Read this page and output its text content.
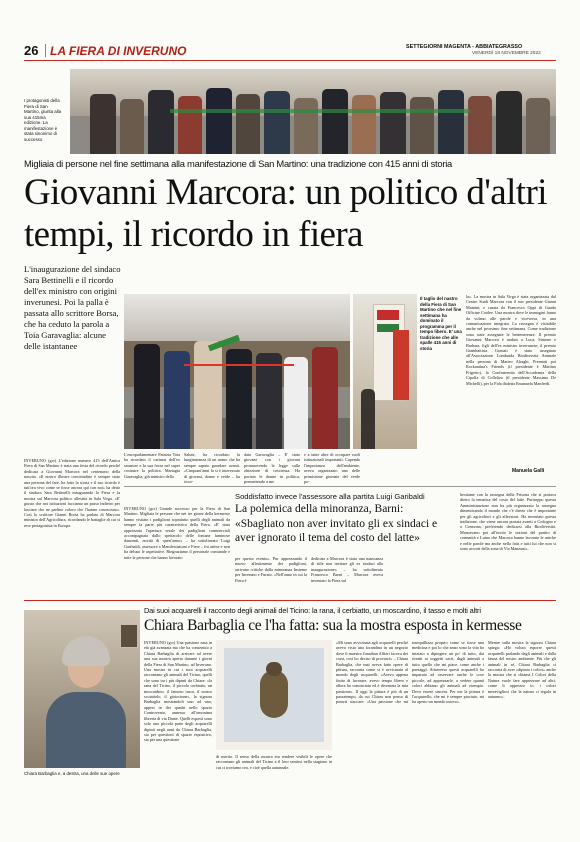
26 LA FIERA DI INVERUNO	SETTEGIORNI MAGENTA - ABBIATEGRASSO
VENERDÌ 18 NOVEMBRE 2022
I protagonisti della Fiera di San Martino, giunta alla sua 415ma edizione. La manifestazione è stata sinonimo di successo
Migliaia di persone nel fine settimana alla manifestazione di San Martino: una tradizione con 415 anni di storia
Giovanni Marcora: un politico d'altri tempi, il ricordo in fiera
L'inaugurazione del sindaco Sara Bettinelli e il ricordo dell'ex ministro con origini inverunesi. Poi la palla è passata allo scrittore Borsa, che ha ceduto la parola a Toia Garavaglia: alcune delle istantanee
Il taglio del nastro della Fiera di San Martino che nel fine settimana ha dominato il programma per il tempo libero. E' una tradizione che alle spalle 415 anni di storia
INVERUNO (gcr) L'edizione numero 415 dell'Antica Fiera di San Martino è stata una festa del ricordo perché dedicata a Giovanni Marcora nel centenario della nascita. «Il nostro illustre concittadino è sempre stato una persona del fare, ha fatto la storia e il suo ricordo è tutt'ora vivo come se fosse ancora qui con noi» ha detto il sindaco Sara Bettinelli inaugurando la Fiera e la mostra sul Marcora politico allestita in Sala Virga. «E' giusto che noi istituzioni facciamo un passo indietro per lasciare che ne parlino coloro che l'hanno conosciuto». Così lo scrittore Gianni Borsa ha parlato di Marcora ministro dell'Agricoltura, ricordando le battaglie di cui si rese protagonista in Europa.
L'europarlamentare Patrizia Toia ha ricordato il carisma dell'ex senatore e la sua forza nel saper costruire la politica. Mariagia Garavaglia, già ministro della
Salute, ha ricordato la lungimiranza di un uomo che ha sempre saputo guardare avanti. «Cinquant'anni fa si è interessato di giovani, donne e verde – ha ricor-
dato Garavaglia – E' stato giovane con i giovani promuovendo la legge sulla obiezione di coscienza. Ha portato le donne in politica, permettendo a me
e a tante altre di occupare ruoli istituzionali importanti. Capendo l'importanza dell'ambiente, aveva organizzato una delle primissime giornate del verde po-
la». La mostra in Sala Virga è stata organizzata dal Centro Studi Marcora con il suo presidente Gianni Mainini, e curata da Francesco Oppi di Guado Officine Coolee. Una mostra dove le immagini fanno da volano alle parole e viceversa, in una comunicazione integrata. La rassegna è visitabile anche nel prossimo fine settimana. Come tradizione sono state assegnate le benemerenze. Il premio Giovanni Marcora è andato a Luca, Simone e Barbara, figli dell'ex ministro inverunese; il premio Giambattista Gornati è stato assegnato all'Associazione Lombarda Biodiversità Animale nella persona di Matteo Alraghi. Premiati poi Rockantina's Friends (il presidente è Martino Frigerio), la Confraternita dell'Accademia della Cipolla di Colleliza (il presidente Massimo De Michelli), per la Fida dialetta Emanuela Manfredi.
Manuela Galli
INVERUNO (gcr) Grande successo per la Fiera di San Martino. Migliaia le persone che nei tre giorni della kermesse hanno visitato i padiglioni sopratutto quelli degli animali da sempre la parte più caratteristica della Fiera. «E' stata apprezzata l'apertura serale dei padiglioni commerciali accompagnata dallo spettacolo delle fontane luminose danzanti, novità di quest'anno» – ha sottolineato Luigi Garibaldi, assessore a Manifestazioni e Fiere – fra attese e non ha deluso le aspettative. Ringraziamo il personale comunale e tutte le persone che hanno lavorato
Soddisfatto invece l'assessore alla partita Luigi Garibaldi
La polemica della minoranza, Barni:
«Sbagliato non aver invitato gli ex sindaci e aver ignorato il tema del costo del latte»
per questo evento». Pur apprezzando il nuovo allestimento dei padiglioni, arrivano critiche dalla minoranza Insieme per Inveruno e Furato. «Nell'anno in cui la Fiera è
dedicata a Marcora è stata una mancanza di stile non invitare gli ex sindaci alla inaugurazione» – ha sottolineato Francesco Barni – Marcora aveva inventato la Fiera sul
bestiame con la rassegna della Frisona che si portava dietro la tematica del costo del latte. Purtroppo questa Amministrazione non ha più organizzato la rassegna dimenticando il mondo che c'è dietro che è importante per gli agricoltori e gli allevatori. Ha inventato questa tradizione, che viene ancora portata avanti a Codogno e a Cremona, preferendo dedicarsi alla Biodiversità. Mancavano poi all'invito le sezioni del partito di comunità e Luino che Marcora hanno lavorato le uniche e nelle parole ma anche nella fatti e tutti lui che non si sono accorti della zona di Via Manzoni».
Dai suoi acquarelli il racconto degli animali del Ticino: la rana, il cerbiatto, un moscardino, il tasso e molti altri
Chiara Barbaglia ce l'ha fatta: sua la mostra esposta in kermesse
Chiara Barbaglia e, a destra, una delle sue opere
INVERUNO (gcr) Una passione nata in età già avanzata ma che ha consentito a Chiara Barbaglia di arrivare ad avere una sua mostra aperta durante i giorni della Fiera di San Martino, ad Inveruno. Una mostra in cui i suoi acquarelli raccontano gli animali del Ticino, quelli che sono tra i più dipinti da Chiara: «la rana del Ticino, il piccolo cerbiatto, un moscardino, il famoso tasso, il nostro scoiattolo, il gioiocinne». la signora Barbaglia mostrandoli uno ad uno, appesi in dei quadri nello spazio Controvento, annesso all'omonima libreria di via Dante. Quelli esposti sono solo una piccola parte degli acquarelli dipinti negli anni da Chiara Barbaglia, sia per questioni di spazio espositivo, sia per una questione
di merito. Il senso della mostra era rendere visibili le opere che raccontano gli animali del Ticino a il loro sentirsi nella stagione in cui ci troviamo ora, e cioè quella autunnale.
«Mi sono avvicinata agli acquarelli perché avevo visto una locandina in un negozio dove il maestro Jonathan Alfieri faceva dei corsi, così ho deciso di provarci» – Chiara Barbaglia, che mai aveva fatto opere di pittura, racconta come si è avvicinata al mondo degli acquarelli. «Avevo appena finito di lavorare, avevo tempo libero e allora ho cominciato ed è diventata la mia passione». Il oggi la pittura è più di un passatempo, da cui Chiara non pensa di potersi staccare: «Una passione che mi tranquillizza proprio come se fosse una medicina e poi lo che anno sono la vita ho iniziato a dipingere un po' di tutto, dai ritratti ai soggetti sacri, dagli animali a tutto quello che mi piace, come anche i paesaggi. Attraverso questi acquarelli ho imparato ad osservare anche le cose piccole, ad apprezzarle, a vedere quanti colori abbiano gli animali ad esempio. Devo essere sincera. Per me la pittura è l'acquarello, che mi è sempre piaciuto, mi ha aperto un mondo nuovo».
Mentre sulla mostra la signora Chiara spiega: «Ho voluto esporre questi acquarelli parlando dagli animali e dalla fauna del nostro ambiente. Più che gli animali in sé, Chiara Barbaglia ci racconta di aver «dipinto i colori» anche la mostra che si chiama I Colori della Natura vuole fare apprezzare ad altri, come li apprezzo io, i colori meravigliosi che la natura ci regala in autunno».
